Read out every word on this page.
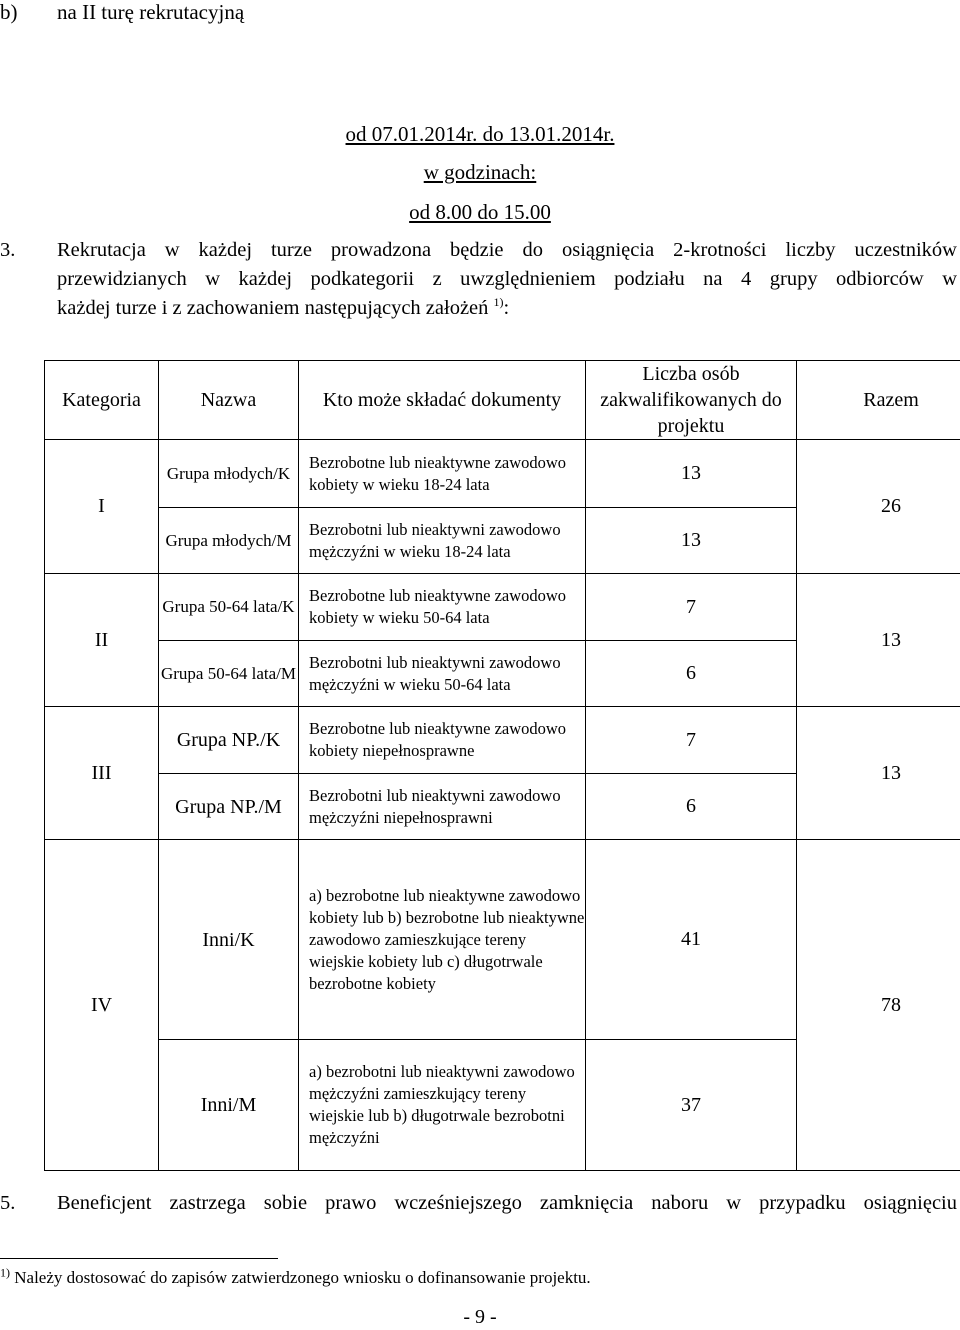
b) na II turę rekrutacyjną
od 07.01.2014r. do 13.01.2014r.
w godzinach:
od 8.00 do 15.00
3. Rekrutacja w każdej turze prowadzona będzie do osiągnięcia 2-krotności liczby uczestników
przewidzianych w każdej podkategorii z uwzględnieniem podziału na 4 grupy odbiorców w
każdej turze i z zachowaniem następujących założeń $^{1)}$:
Kategoria	Nazwa	Kto może składać dokumenty	Liczba osób zakwalifikowanych do projektu	Razem
I	Grupa młodych/K	Bezrobotne lub nieaktywne zawodowo kobiety w wieku 18-24 lata	13	26
	Grupa młodych/M	Bezrobotni lub nieaktywni zawodowo mężczyźni w wieku 18-24 lata	13	
II	Grupa 50-64 lata/K	Bezrobotne lub nieaktywne zawodowo kobiety w wieku 50-64 lata	7	13
	Grupa 50-64 lata/M	Bezrobotni lub nieaktywni zawodowo mężczyźni w wieku 50-64 lata	6	
III	Grupa NP./K	Bezrobotne lub nieaktywne zawodowo kobiety niepełnosprawne	7	13
	Grupa NP./M	Bezrobotni lub nieaktywni zawodowo mężczyźni niepełnosprawni	6	
IV	Inni/K	a) bezrobotne lub nieaktywne zawodowo kobiety lub b) bezrobotne lub nieaktywne zawodowo zamieszkujące tereny wiejskie kobiety lub c) długotrwale bezrobotne kobiety	41	78
	Inni/M	a) bezrobotni lub nieaktywni zawodowo mężczyźni zamieszkujący tereny wiejskie lub b) długotrwale bezrobotni mężczyźni	37	
5. Beneficjent zastrzega sobie prawo wcześniejszego zamknięcia naboru w przypadku osiągnięciu
$^{1)}$ Należy dostosować do zapisów zatwierdzonego wniosku o dofinansowanie projektu.
- 9 -
